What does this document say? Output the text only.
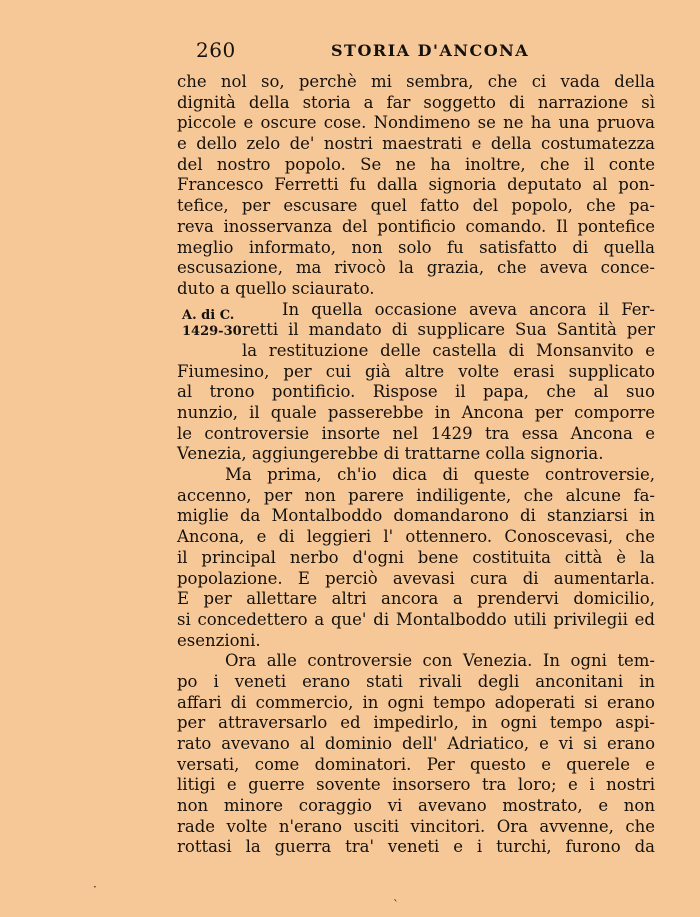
260	STORIA D'ANCONA
A. di C.
1429-30
che nol so, perchè mi sembra, che ci vada della
dignità della storia a far soggetto di narrazione sì
piccole e oscure cose. Nondimeno se ne ha una pruova
e dello zelo de' nostri maestrati e della costumatezza
del nostro popolo. Se ne ha inoltre, che il conte
Francesco Ferretti fu dalla signoria deputato al pon-
tefice, per escusare quel fatto del popolo, che pa-
reva inosservanza del pontificio comando. Il pontefice
meglio informato, non solo fu satisfatto di quella
escusazione, ma rivocò la grazia, che aveva conce-
duto a quello sciaurato.
In quella occasione aveva ancora il Fer-
retti il mandato di supplicare Sua Santità per
la restituzione delle castella di Monsanvito e
Fiumesino, per cui già altre volte erasi supplicato
al trono pontificio. Rispose il papa, che al suo
nunzio, il quale passerebbe in Ancona per comporre
le controversie insorte nel 1429 tra essa Ancona e
Venezia, aggiungerebbe di trattarne colla signoria.
Ma prima, ch'io dica di queste controversie,
accenno, per non parere indiligente, che alcune fa-
miglie da Montalboddo domandarono di stanziarsi in
Ancona, e di leggieri l' ottennero. Conoscevasi, che
il principal nerbo d'ogni bene costituita città è la
popolazione. E perciò avevasi cura di aumentarla.
E per allettare altri ancora a prendervi domicilio,
si concedettero a que' di Montalboddo utili privilegii ed
esenzioni.
Ora alle controversie con Venezia. In ogni tem-
po i veneti erano stati rivali degli anconitani in
affari di commercio, in ogni tempo adoperati si erano
per attraversarlo ed impedirlo, in ogni tempo aspi-
rato avevano al dominio dell' Adriatico, e vi si erano
versati, come dominatori. Per questo e querele e
litigi e guerre sovente insorsero tra loro; e i nostri
non minore coraggio vi avevano mostrato, e non
rade volte n'erano usciti vincitori. Ora avvenne, che
rottasi la guerra tra' veneti e i turchi, furono da
·
ˋ
